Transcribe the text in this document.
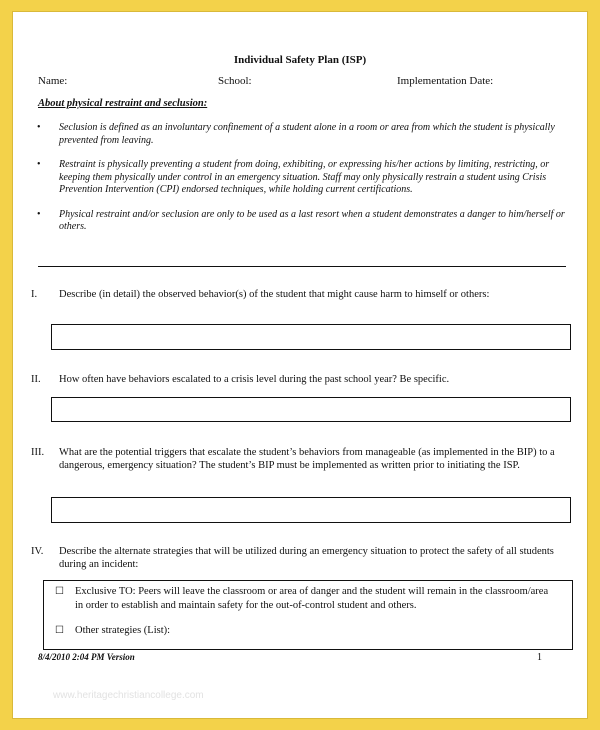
Individual Safety Plan (ISP)
Name:	School:	Implementation Date:
About physical restraint and seclusion:
•	Seclusion is defined as an involuntary confinement of a student alone in a room or area from which the student is physically prevented from leaving.
•	Restraint is physically preventing a student from doing, exhibiting, or expressing his/her actions by limiting, restricting, or keeping them physically under control in an emergency situation. Staff may only physically restrain a student using Crisis Prevention Intervention (CPI) endorsed techniques, while holding current certifications.
•	Physical restraint and/or seclusion are only to be used as a last resort when a student demonstrates a danger to him/herself or others.
I.	Describe (in detail) the observed behavior(s) of the student that might cause harm to himself or others:
II.	How often have behaviors escalated to a crisis level during the past school year? Be specific.
III.	What are the potential triggers that escalate the student’s behaviors from manageable (as implemented in the BIP) to a dangerous, emergency situation? The student’s BIP must be implemented as written prior to initiating the ISP.
IV.	Describe the alternate strategies that will be utilized during an emergency situation to protect the safety of all students during an incident:
☐	Exclusive TO: Peers will leave the classroom or area of danger and the student will remain in the classroom/area in order to establish and maintain safety for the out-of-control student and others.
☐	Other strategies (List):
8/4/2010 2:04 PM Version	1
www.heritagechristiancollege.com
